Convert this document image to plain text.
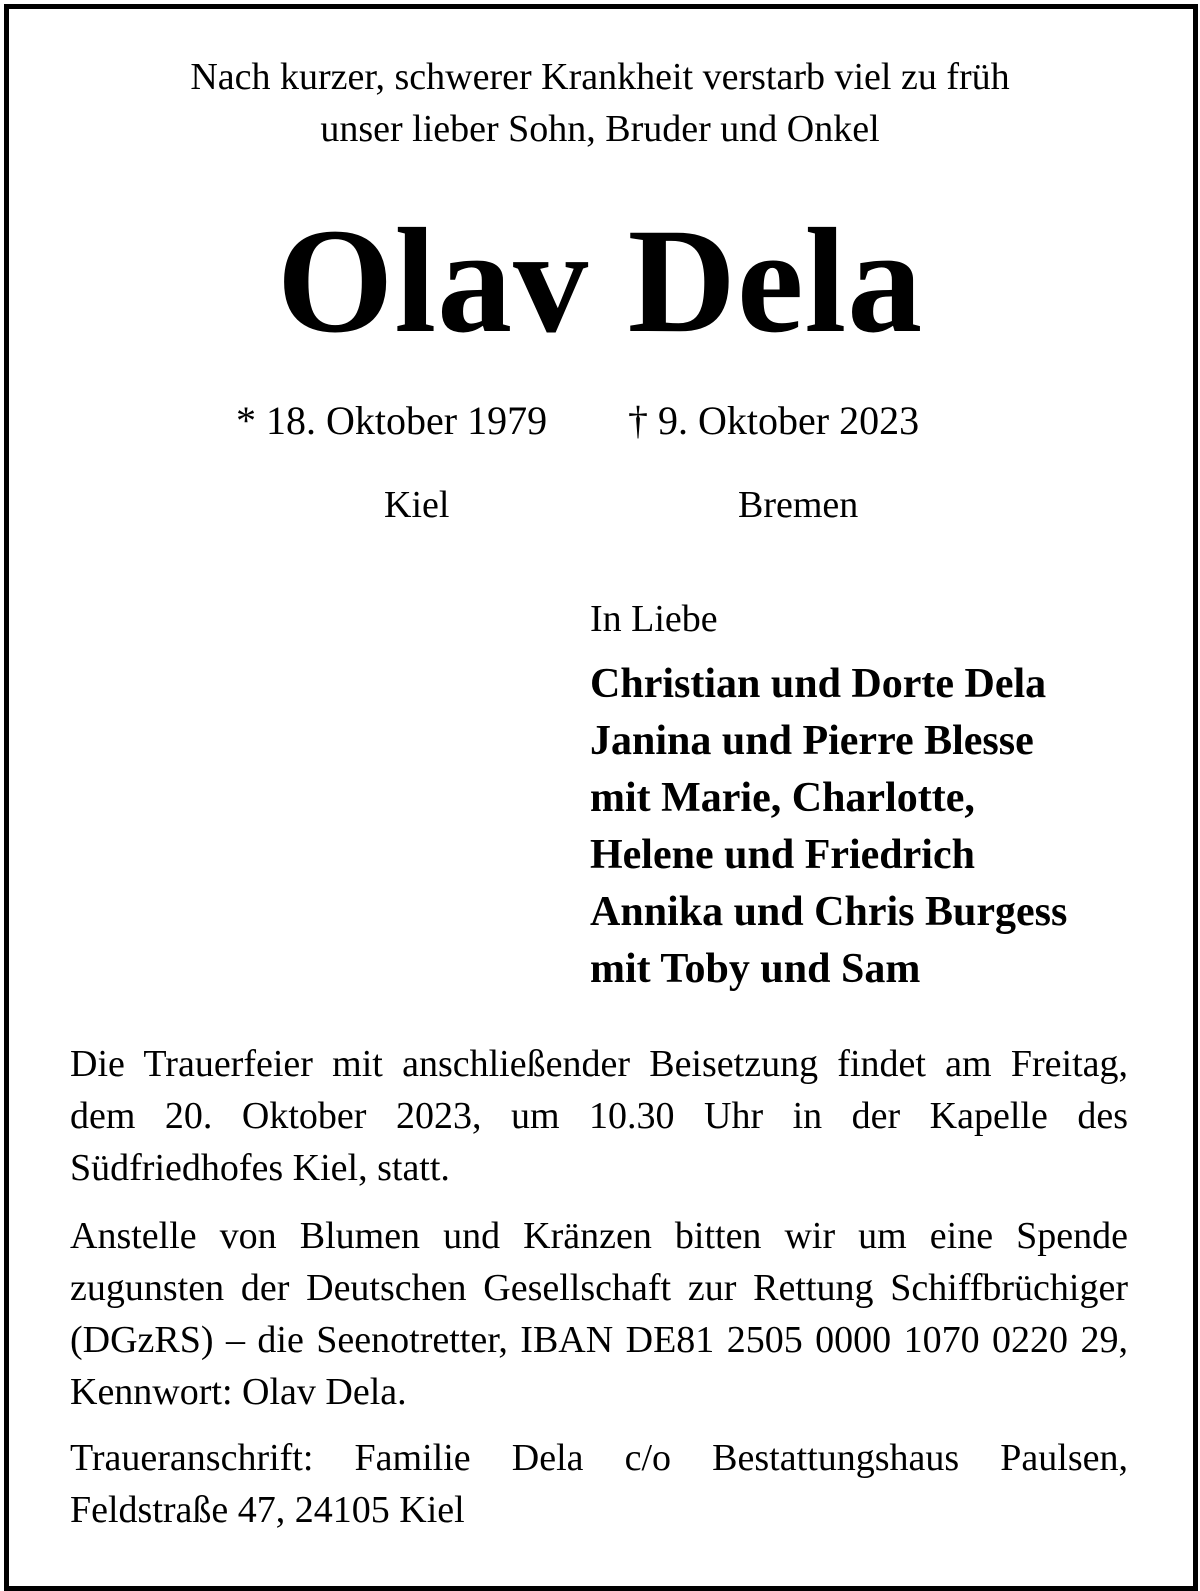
Nach kurzer, schwerer Krankheit verstarb viel zu früh
unser lieber Sohn, Bruder und Onkel
Olav Dela
* 18. Oktober 1979 † 9. Oktober 2023
Kiel	Bremen
In Liebe
Christian und Dorte Dela
Janina und Pierre Blesse
mit Marie, Charlotte,
Helene und Friedrich
Annika und Chris Burgess
mit Toby und Sam
Die Trauerfeier mit anschließender Beisetzung findet am Freitag, dem 20. Oktober 2023, um 10.30 Uhr in der Kapelle des Südfriedhofes Kiel, statt.
Anstelle von Blumen und Kränzen bitten wir um eine Spende zugunsten der Deutschen Gesellschaft zur Rettung Schiffbrüchiger (DGzRS) – die Seenotretter, IBAN DE81 2505 0000 1070 0220 29, Kennwort: Olav Dela.
Traueranschrift: Familie Dela c/o Bestattungshaus Paulsen, Feldstraße 47, 24105 Kiel
